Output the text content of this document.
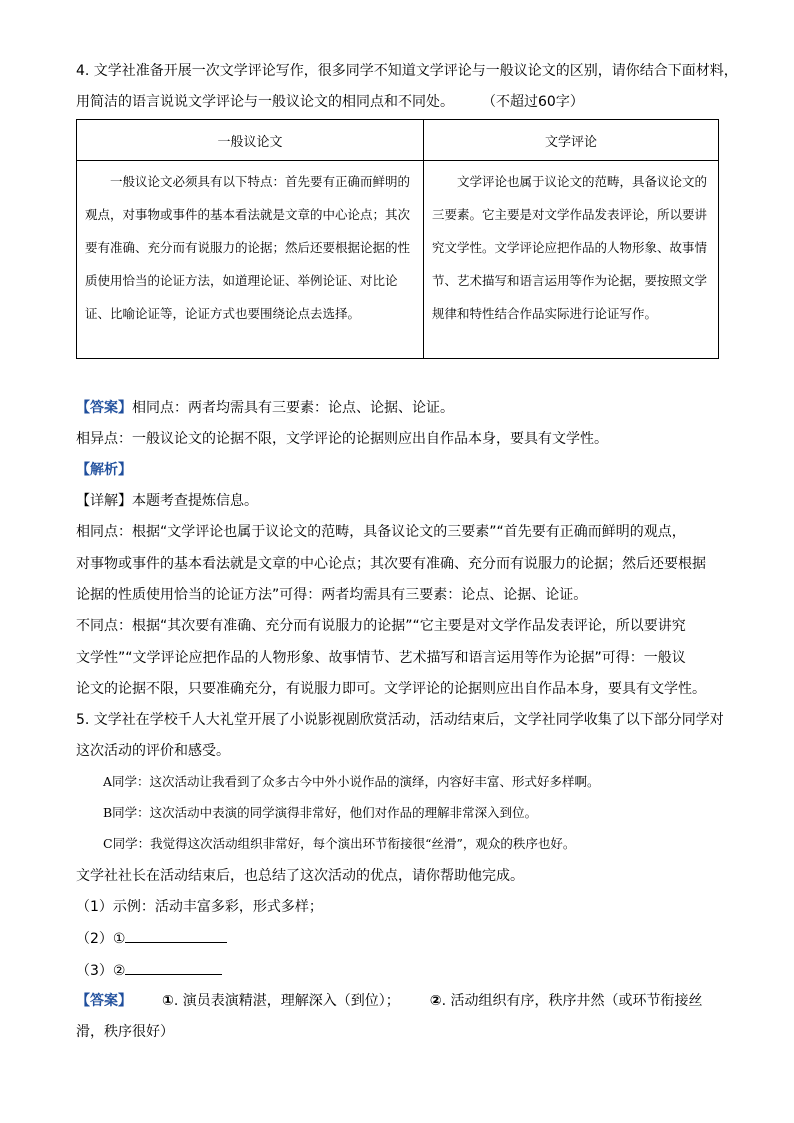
4. 文学社准备开展一次文学评论写作，很多同学不知道文学评论与一般议论文的区别，请你结合下面材料，
用简洁的语言说说文学评论与一般议论文的相同点和不同处。 （不超过60字）
一般议论文	文学评论

一般议论文必须具有以下特点：首先要有正确而鲜明的观点，对事物或事件的基本看法就是文章的中心论点；其次要有准确、充分而有说服力的论据；然后还要根据论据的性质使用恰当的论证方法，如道理论证、举例论证、对比论证、比喻论证等，论证方式也要围绕论点去选择。	文学评论也属于议论文的范畴，具备议论文的三要素。它主要是对文学作品发表评论，所以要讲究文学性。文学评论应把作品的人物形象、故事情节、艺术描写和语言运用等作为论据，要按照文学规律和特性结合作品实际进行论证写作。

【答案】相同点：两者均需具有三要素：论点、论据、论证。
相异点：一般议论文的论据不限，文学评论的论据则应出自作品本身，要具有文学性。
【解析】
【详解】本题考查提炼信息。
相同点：根据“文学评论也属于议论文的范畴，具备议论文的三要素”“首先要有正确而鲜明的观点，
对事物或事件的基本看法就是文章的中心论点；其次要有准确、充分而有说服力的论据；然后还要根据
论据的性质使用恰当的论证方法”可得：两者均需具有三要素：论点、论据、论证。
不同点：根据“其次要有准确、充分而有说服力的论据”“它主要是对文学作品发表评论，所以要讲究
文学性”“文学评论应把作品的人物形象、故事情节、艺术描写和语言运用等作为论据”可得：一般议
论文的论据不限，只要准确充分，有说服力即可。文学评论的论据则应出自作品本身，要具有文学性。
5. 文学社在学校千人大礼堂开展了小说影视剧欣赏活动，活动结束后，文学社同学收集了以下部分同学对
这次活动的评价和感受。
A同学：这次活动让我看到了众多古今中外小说作品的演绎，内容好丰富、形式好多样啊。
B同学：这次活动中表演的同学演得非常好，他们对作品的理解非常深入到位。
C同学：我觉得这次活动组织非常好，每个演出环节衔接很“丝滑”，观众的秩序也好。
文学社社长在活动结束后，也总结了这次活动的优点，请你帮助他完成。
（1）示例：活动丰富多彩，形式多样；
（2）①
（3）②
【答案】 ①. 演员表演精湛，理解深入（到位）； ②. 活动组织有序，秩序井然（或环节衔接丝
滑，秩序很好）
